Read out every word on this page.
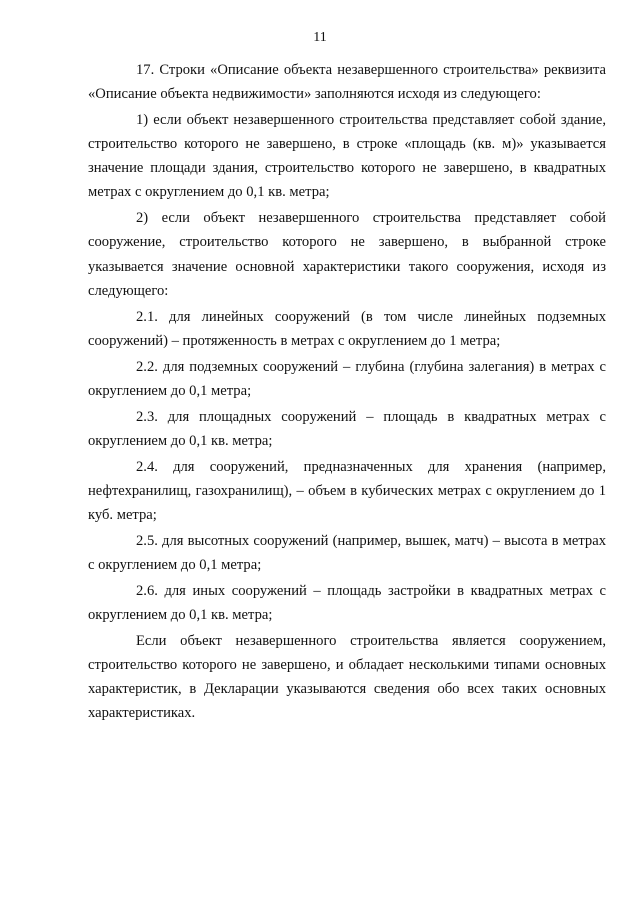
11

17. Строки «Описание объекта незавершенного строительства» реквизита «Описание объекта недвижимости» заполняются исходя из следующего:

1) если объект незавершенного строительства представляет собой здание, строительство которого не завершено, в строке «площадь (кв. м)» указывается значение площади здания, строительство которого не завершено, в квадратных метрах с округлением до 0,1 кв. метра;

2) если объект незавершенного строительства представляет собой сооружение, строительство которого не завершено, в выбранной строке указывается значение основной характеристики такого сооружения, исходя из следующего:

2.1. для линейных сооружений (в том числе линейных подземных сооружений) – протяженность в метрах с округлением до 1 метра;

2.2. для подземных сооружений – глубина (глубина залегания) в метрах с округлением до 0,1 метра;

2.3. для площадных сооружений – площадь в квадратных метрах с округлением до 0,1 кв. метра;

2.4. для сооружений, предназначенных для хранения (например, нефтехранилищ, газохранилищ), – объем в кубических метрах с округлением до 1 куб. метра;

2.5. для высотных сооружений (например, вышек, матч) – высота в метрах с округлением до 0,1 метра;

2.6. для иных сооружений – площадь застройки в квадратных метрах с округлением до 0,1 кв. метра;

Если объект незавершенного строительства является сооружением, строительство которого не завершено, и обладает несколькими типами основных характеристик, в Декларации указываются сведения обо всех таких основных характеристиках.
